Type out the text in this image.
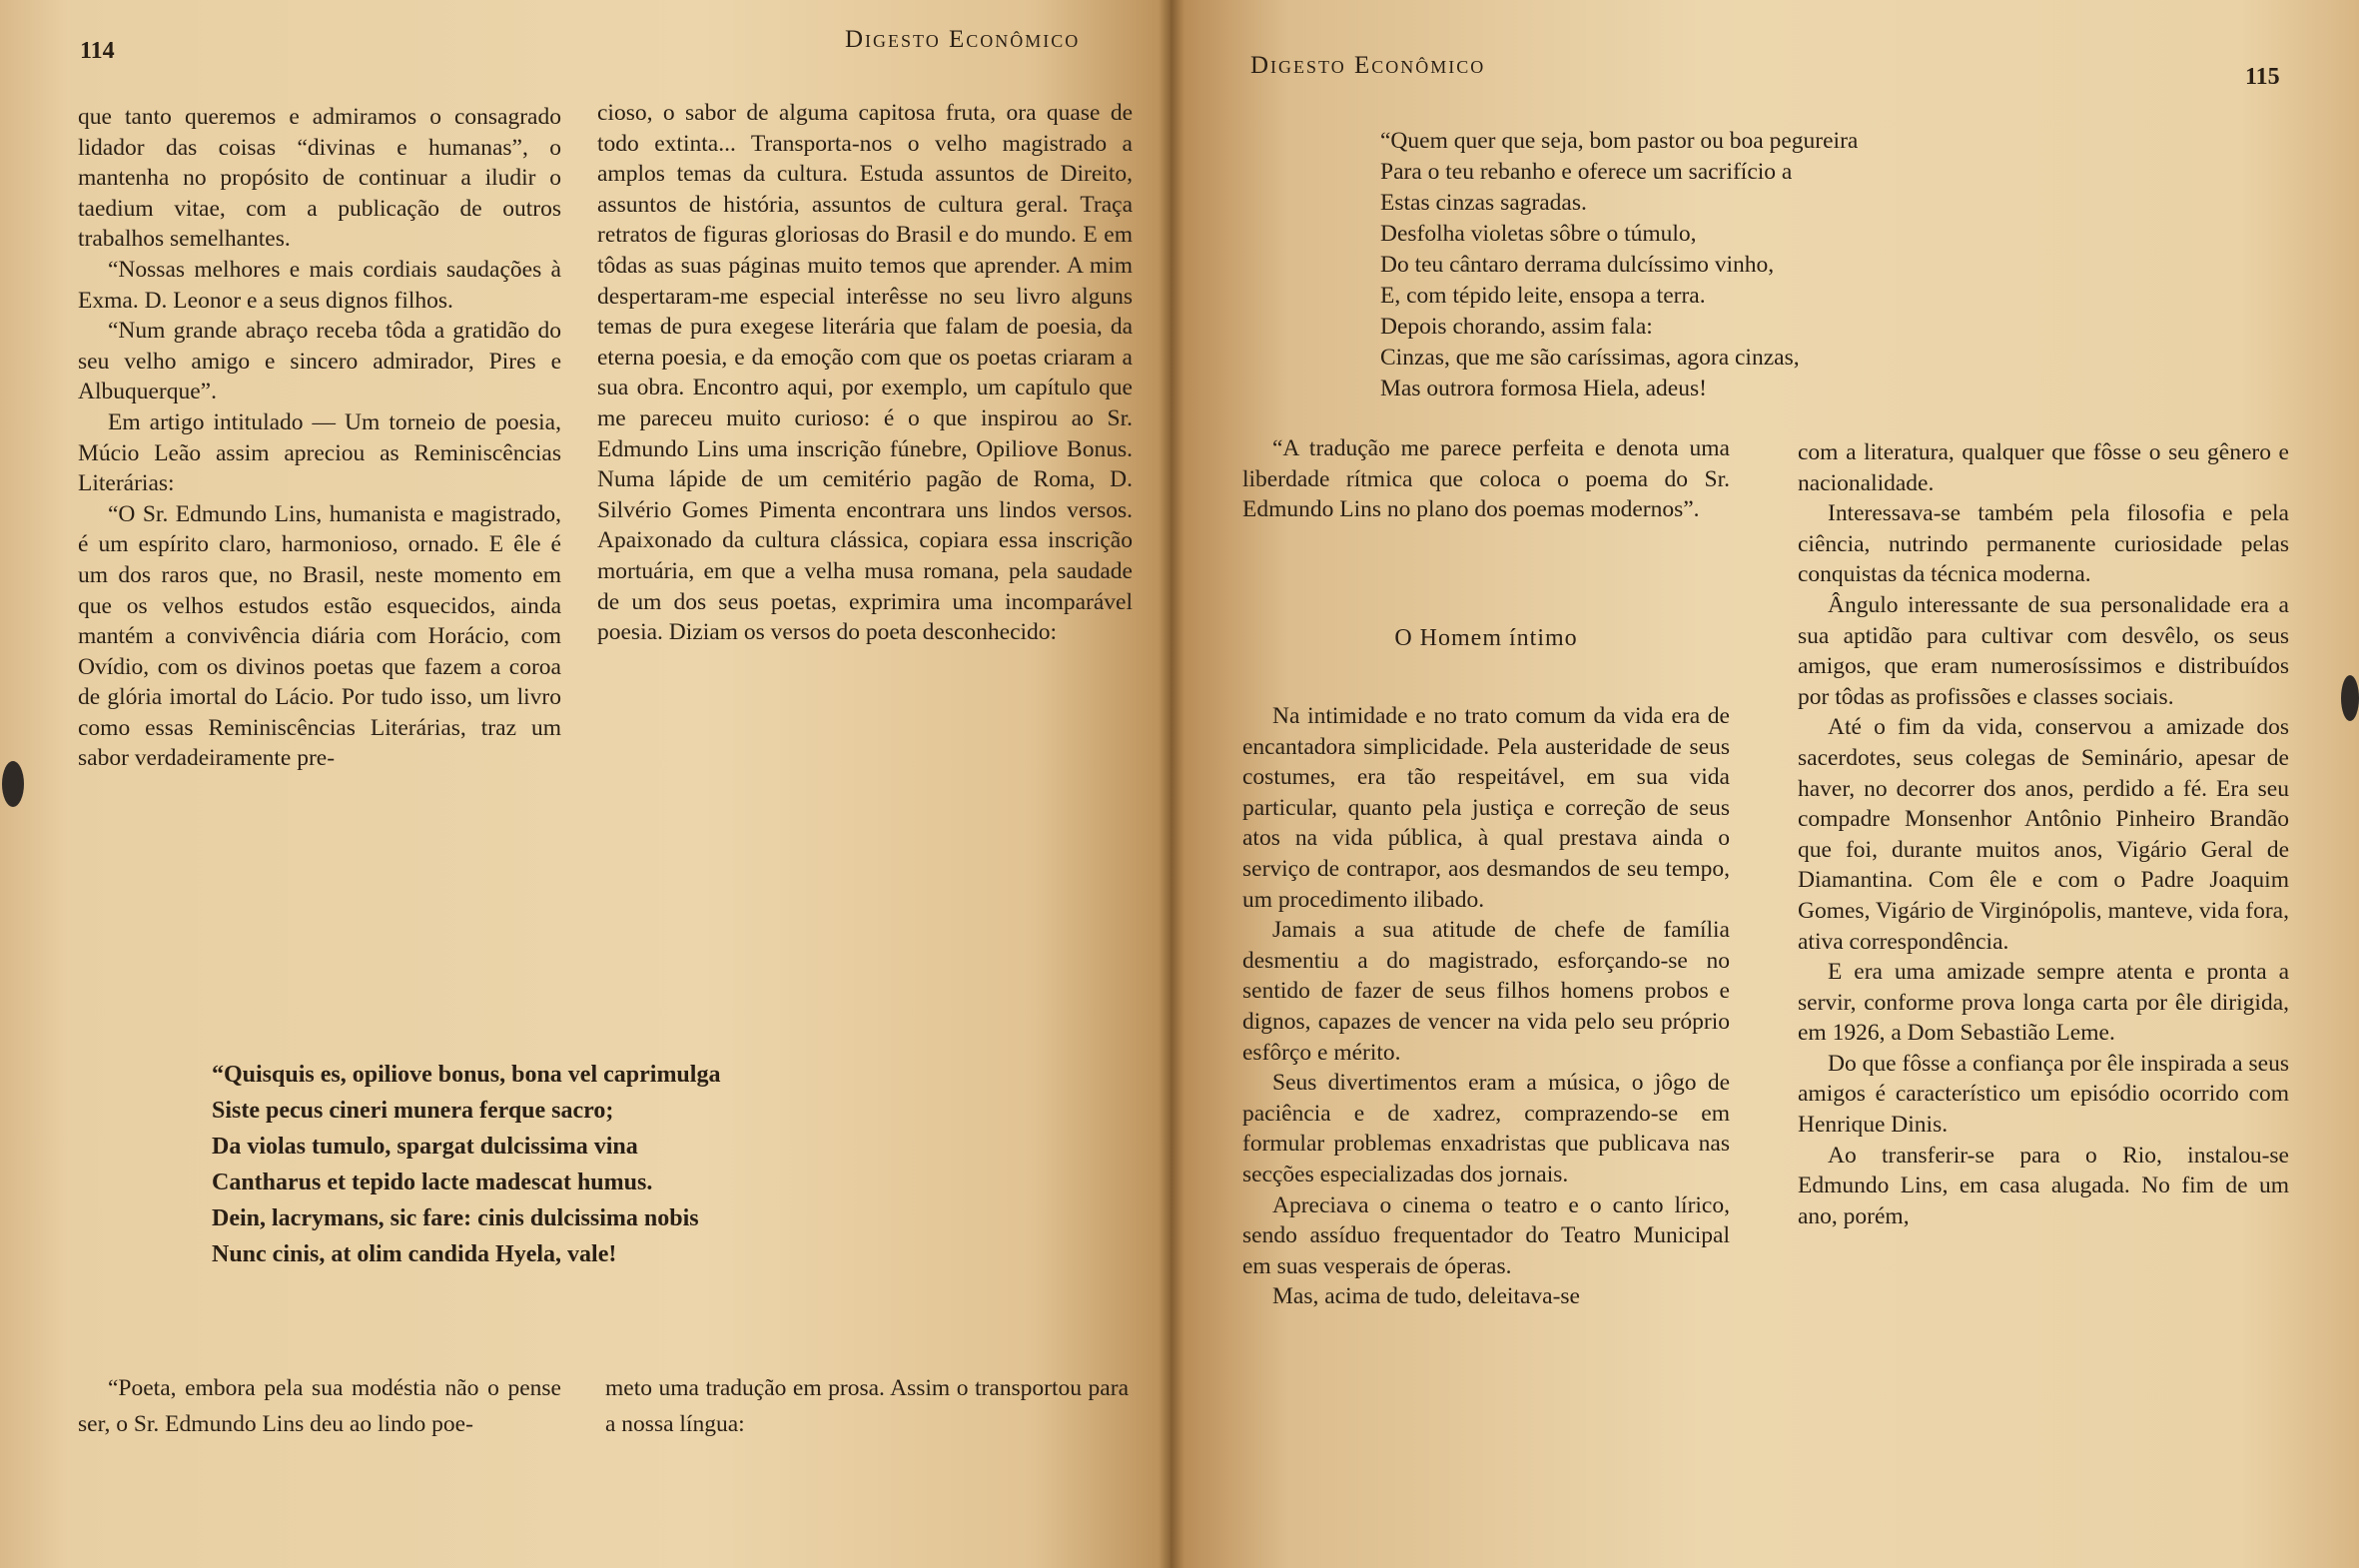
114	Digesto Econômico

que tanto queremos e admiramos o consagrado lidador das coisas “divinas e humanas”, o mantenha no propósito de continuar a iludir o taedium vitae, com a publicação de outros trabalhos semelhantes.

“Nossas melhores e mais cordiais saudações à Exma. D. Leonor e a seus dignos filhos.

“Num grande abraço receba tôda a gratidão do seu velho amigo e sincero admirador, Pires e Albuquerque”.

Em artigo intitulado — Um torneio de poesia, Múcio Leão assim apreciou as Reminiscências Literárias:

“O Sr. Edmundo Lins, humanista e magistrado, é um espírito claro, harmonioso, ornado. E êle é um dos raros que, no Brasil, neste momento em que os velhos estudos estão esquecidos, ainda mantém a convivência diária com Horácio, com Ovídio, com os divinos poetas que fazem a coroa de glória imortal do Lácio. Por tudo isso, um livro como essas Reminiscências Literárias, traz um sabor verdadeiramente pre-

cioso, o sabor de alguma capitosa fruta, ora quase de todo extinta... Transporta-nos o velho magistrado a amplos temas da cultura. Estuda assuntos de Direito, assuntos de história, assuntos de cultura geral. Traça retratos de figuras gloriosas do Brasil e do mundo. E em tôdas as suas páginas muito temos que aprender. A mim despertaram-me especial interêsse no seu livro alguns temas de pura exegese literária que falam de poesia, da eterna poesia, e da emoção com que os poetas criaram a sua obra. Encontro aqui, por exemplo, um capítulo que me pareceu muito curioso: é o que inspirou ao Sr. Edmundo Lins uma inscrição fúnebre, Opiliove Bonus. Numa lápide de um cemitério pagão de Roma, D. Silvério Gomes Pimenta encontrara uns lindos versos. Apaixonado da cultura clássica, copiara essa inscrição mortuária, em que a velha musa romana, pela saudade de um dos seus poetas, exprimira uma incomparável poesia. Diziam os versos do poeta desconhecido:

“Quisquis es, opiliove bonus, bona vel caprimulga
Siste pecus cineri munera ferque sacro;
Da violas tumulo, spargat dulcissima vina
Cantharus et tepido lacte madescat humus.
Dein, lacrymans, sic fare: cinis dulcissima nobis
Nunc cinis, at olim candida Hyela, vale!

“Poeta, embora pela sua modéstia não o pense ser, o Sr. Edmundo Lins deu ao lindo poe-

meto uma tradução em prosa. Assim o transportou para a nossa língua:

Digesto Econômico	115
“Quem quer que seja, bom pastor ou boa pegureira
Para o teu rebanho e oferece um sacrifício a
Estas cinzas sagradas.
Desfolha violetas sôbre o túmulo,
Do teu cântaro derrama dulcíssimo vinho,
E, com tépido leite, ensopa a terra.
Depois chorando, assim fala:
Cinzas, que me são caríssimas, agora cinzas,
Mas outrora formosa Hiela, adeus!

“A tradução me parece perfeita e denota uma liberdade rítmica que coloca o poema do Sr. Edmundo Lins no plano dos poemas modernos”.

O Homem íntimo

Na intimidade e no trato comum da vida era de encantadora simplicidade. Pela austeridade de seus costumes, era tão respeitável, em sua vida particular, quanto pela justiça e correção de seus atos na vida pública, à qual prestava ainda o serviço de contrapor, aos desmandos de seu tempo, um procedimento ilibado.

Jamais a sua atitude de chefe de família desmentiu a do magistrado, esforçando-se no sentido de fazer de seus filhos homens probos e dignos, capazes de vencer na vida pelo seu próprio esfôrço e mérito.

Seus divertimentos eram a música, o jôgo de paciência e de xadrez, comprazendo-se em formular problemas enxadristas que publicava nas secções especializadas dos jornais.

Apreciava o cinema o teatro e o canto lírico, sendo assíduo frequentador do Teatro Municipal em suas vesperais de óperas.

Mas, acima de tudo, deleitava-se

com a literatura, qualquer que fôsse o seu gênero e nacionalidade.

Interessava-se também pela filosofia e pela ciência, nutrindo permanente curiosidade pelas conquistas da técnica moderna.

Ângulo interessante de sua personalidade era a sua aptidão para cultivar com desvêlo, os seus amigos, que eram numerosíssimos e distribuídos por tôdas as profissões e classes sociais.

Até o fim da vida, conservou a amizade dos sacerdotes, seus colegas de Seminário, apesar de haver, no decorrer dos anos, perdido a fé. Era seu compadre Monsenhor Antônio Pinheiro Brandão que foi, durante muitos anos, Vigário Geral de Diamantina. Com êle e com o Padre Joaquim Gomes, Vigário de Virginópolis, manteve, vida fora, ativa correspondência.

E era uma amizade sempre atenta e pronta a servir, conforme prova longa carta por êle dirigida, em 1926, a Dom Sebastião Leme.

Do que fôsse a confiança por êle inspirada a seus amigos é característico um episódio ocorrido com Henrique Dinis.

Ao transferir-se para o Rio, instalou-se Edmundo Lins, em casa alugada. No fim de um ano, porém,
